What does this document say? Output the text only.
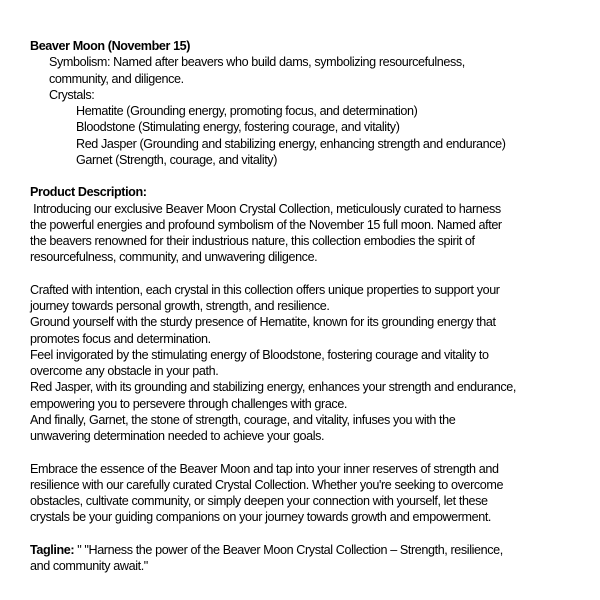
Beaver Moon (November 15)
Symbolism: Named after beavers who build dams, symbolizing resourcefulness,
community, and diligence.
Crystals:
Hematite (Grounding energy, promoting focus, and determination)
Bloodstone (Stimulating energy, fostering courage, and vitality)
Red Jasper (Grounding and stabilizing energy, enhancing strength and endurance)
Garnet (Strength, courage, and vitality)
Product Description:
Introducing our exclusive Beaver Moon Crystal Collection, meticulously curated to harness
the powerful energies and profound symbolism of the November 15 full moon. Named after
the beavers renowned for their industrious nature, this collection embodies the spirit of
resourcefulness, community, and unwavering diligence.
Crafted with intention, each crystal in this collection offers unique properties to support your
journey towards personal growth, strength, and resilience.
Ground yourself with the sturdy presence of Hematite, known for its grounding energy that
promotes focus and determination.
Feel invigorated by the stimulating energy of Bloodstone, fostering courage and vitality to
overcome any obstacle in your path.
Red Jasper, with its grounding and stabilizing energy, enhances your strength and endurance,
empowering you to persevere through challenges with grace.
And finally, Garnet, the stone of strength, courage, and vitality, infuses you with the
unwavering determination needed to achieve your goals.
Embrace the essence of the Beaver Moon and tap into your inner reserves of strength and
resilience with our carefully curated Crystal Collection. Whether you're seeking to overcome
obstacles, cultivate community, or simply deepen your connection with yourself, let these
crystals be your guiding companions on your journey towards growth and empowerment.
Tagline: " "Harness the power of the Beaver Moon Crystal Collection – Strength, resilience,
and community await."
